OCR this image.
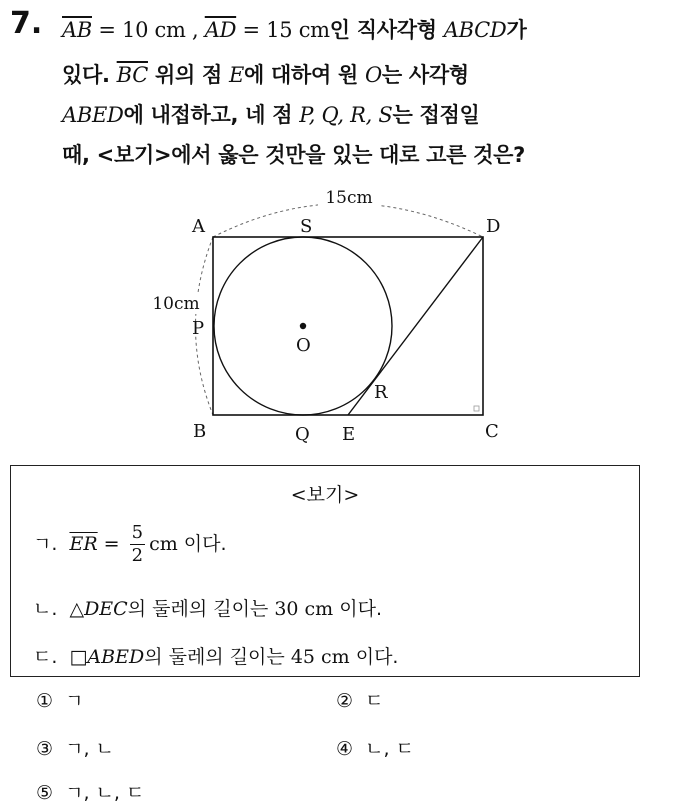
7. $\overline{AB} = 10$ cm , $\overline{AD} = 15$ cm인 직사각형 ABCD가
있다. $\overline{BC}$ 위의 점 E에 대하여 원 O는 사각형
ABED에 내접하고, 네 점 P, Q, R, S는 접점일
때, <보기>에서 옳은 것만을 있는 대로 고른 것은?
15cm
10cm
A	S	D
P
O
R
B	Q E	C
<보기>
ㄱ. $\overline{ER} = \frac{5}{2}$ cm 이다.
ㄴ. △DEC의 둘레의 길이는 30 cm 이다.
ㄷ. □ABED의 둘레의 길이는 45 cm 이다.
① ㄱ	② ㄷ
③ ㄱ, ㄴ	④ ㄴ, ㄷ
⑤ ㄱ, ㄴ, ㄷ
